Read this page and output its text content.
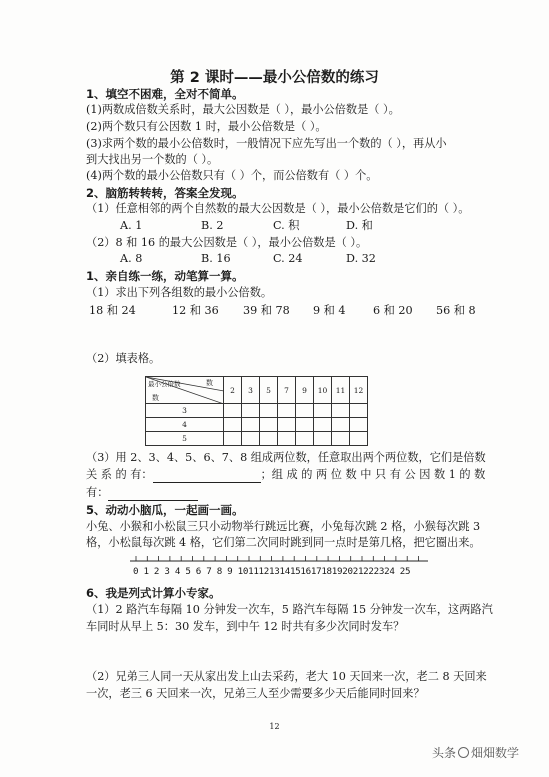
第 2 课时——最小公倍数的练习
1、填空不困难，全对不简单。
(1)两数成倍数关系时，最大公因数是（ ），最小公倍数是（ ）。
(2)两个数只有公因数 1 时，最小公倍数是（ ）。
(3)求两个数的最小公倍数时，一般情况下应先写出一个数的（ ），再从小
到大找出另一个数的（ ）。
(4)两个数的最小公倍数只有（ ）个，而公倍数有（ ）个。
2、脑筋转转转，答案全发现。
（1）任意相邻的两个自然数的最大公因数是（ ），最小公倍数是它们的（ ）。
A. 1	B. 2	C. 积	D. 和
（2）8 和 16 的最大公因数是（ ），最小公倍数是（ ）。
A. 8	B. 16	C. 24	D. 32
1、亲自练一练，动笔算一算。
（1）求出下列各组数的最小公倍数。
18 和 24	12 和 36 39 和 78 9 和 4 6 和 20 56 和 8
（2）填表格。
数
最小公倍数
数	2	3	5	7	9	10	11	12
3								
4								
5								
（3）用 2、3、4、5、6、7、8 组成两位数，任意取出两个两位数，它们是倍数
关 系 的 有：	；组 成 的 两 位 数 中 只 有 公 因 数 1 的 数
有：
5、动动小脑瓜，一起画一画。
小兔、小猴和小松鼠三只小动物举行跳远比赛，小兔每次跳 2 格，小猴每次跳 3
格，小松鼠每次跳 4 格，它们第二次同时跳到同一点时是第几格，把它圈出来。
0 1 2 3 4 5 6 7 8 9 101112131415161718192021222324 25
6、我是列式计算小专家。
（1）2 路汽车每隔 10 分钟发一次车，5 路汽车每隔 15 分钟发一次车，这两路汽
车同时从早上 5：30 发车，到中午 12 时共有多少次同时发车？
（2）兄弟三人同一天从家出发上山去采药，老大 10 天回来一次，老二 8 天回来
一次，老三 6 天回来一次，兄弟三人至少需要多少天后能同时回来？
12
头条 畑畑数学
